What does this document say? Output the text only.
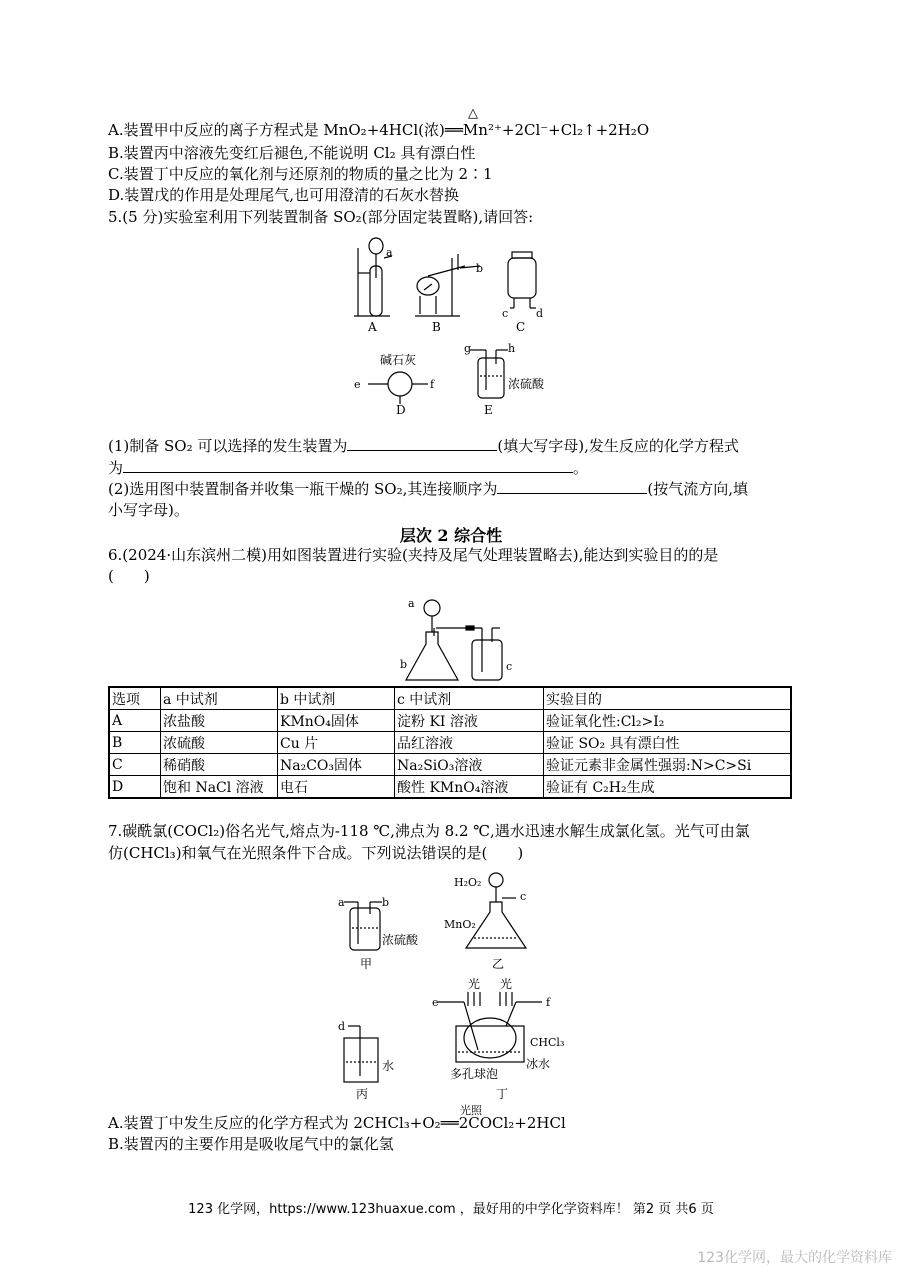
A.装置甲中反应的离子方程式是 MnO₂+4HCl(浓)══Mn²⁺+2Cl⁻+Cl₂↑+2H₂O
△
B.装置丙中溶液先变红后褪色,不能说明 Cl₂ 具有漂白性
C.装置丁中反应的氧化剂与还原剂的物质的量之比为 2∶1
D.装置戊的作用是处理尾气,也可用澄清的石灰水替换
5.(5 分)实验室利用下列装置制备 SO₂(部分固定装置略),请回答:
A
a
B
b
C
c	d
碱石灰
e	f
D
g	h
浓硫酸
E
(1)制备 SO₂ 可以选择的发生装置为	(填大写字母),发生反应的化学方程式
为	。
(2)选用图中装置制备并收集一瓶干燥的 SO₂,其连接顺序为	(按气流方向,填
小写字母)。
层次 2 综合性
6.(2024·山东滨州二模)用如图装置进行实验(夹持及尾气处理装置略去),能达到实验目的的是
(　　)
a
b	c
选项	a 中试剂	b 中试剂	c 中试剂	实验目的
A	浓盐酸	KMnO₄固体	淀粉 KI 溶液	验证氧化性:Cl₂>I₂
B	浓硫酸	Cu 片	品红溶液	验证 SO₂ 具有漂白性
C	稀硝酸	Na₂CO₃固体	Na₂SiO₃溶液	验证元素非金属性强弱:N>C>Si
D	饱和 NaCl 溶液	电石	酸性 KMnO₄溶液	验证有 C₂H₂生成
7.碳酰氯(COCl₂)俗名光气,熔点为-118 ℃,沸点为 8.2 ℃,遇水迅速水解生成氯化氢。光气可由氯
仿(CHCl₃)和氧气在光照条件下合成。下列说法错误的是(　　)
a	b
浓硫酸
甲
H₂O₂
c
MnO₂
乙
光 光
e	f
CHCl₃
冰水
多孔球泡
丁
d
水
丙
A.装置丁中发生反应的化学方程式为 2CHCl₃+O₂══2COCl₂+2HCl
光照
B.装置丙的主要作用是吸收尾气中的氯化氢
123 化学网，https://www.123huaxue.com ，最好用的中学化学资料库！ 第2 页 共6 页
123化学网，最大的化学资料库
